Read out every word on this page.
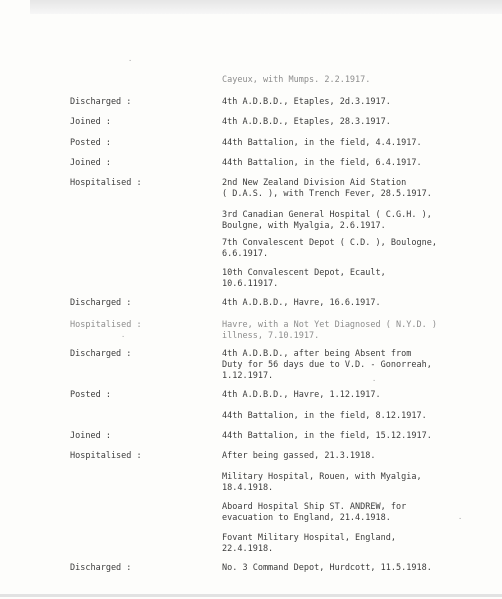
Cayeux, with Mumps. 2.2.1917.
Discharged :	4th A.D.B.D., Etaples, 2d.3.1917.
Joined :	4th A.D.B.D., Etaples, 28.3.1917.
Posted :	44th Battalion, in the field, 4.4.1917.
Joined :	44th Battalion, in the field, 6.4.1917.
Hospitalised :	2nd New Zealand Division Aid Station
( D.A.S. ), with Trench Fever, 28.5.1917.
3rd Canadian General Hospital ( C.G.H. ),
Boulgne, with Myalgia, 2.6.1917.
7th Convalescent Depot ( C.D. ), Boulogne,
6.6.1917.
10th Convalescent Depot, Ecault,
10.6.11917.
Discharged :	4th A.D.B.D., Havre, 16.6.1917.
Hospitalised :	Havre, with a Not Yet Diagnosed ( N.Y.D. )
illness, 7.10.1917.
Discharged :	4th A.D.B.D., after being Absent from
Duty for 56 days due to V.D. - Gonorreah,
1.12.1917.
Posted :	4th A.D.B.D., Havre, 1.12.1917.
44th Battalion, in the field, 8.12.1917.
Joined :	44th Battalion, in the field, 15.12.1917.
Hospitalised :	After being gassed, 21.3.1918.
Military Hospital, Rouen, with Myalgia,
18.4.1918.
Aboard Hospital Ship ST. ANDREW, for
evacuation to England, 21.4.1918.
Fovant Military Hospital, England,
22.4.1918.
Discharged :	No. 3 Command Depot, Hurdcott, 11.5.1918.
·
·
·
·
